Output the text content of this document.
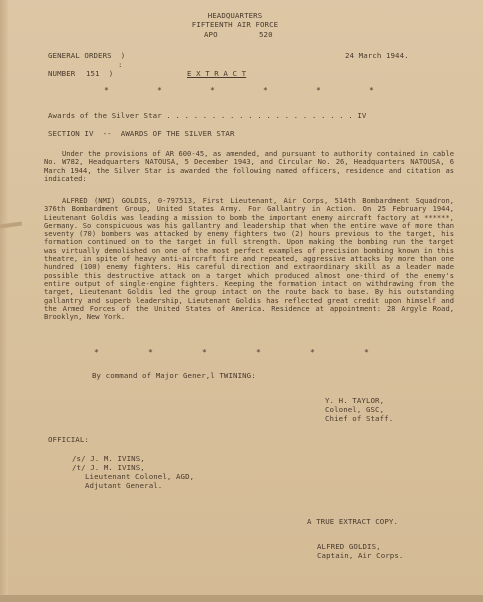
HEADQUARTERS
FIFTEENTH AIR FORCE
APO	520
GENERAL ORDERS  )
:
NUMBER 151  )	E X T R A C T
24 March 1944.
*	*	*	*	*	*
Awards of the Silver Star . . . . . . . . . . . . . . . . . . . . . IV
SECTION IV  --  AWARDS OF THE SILVER STAR
Under the provisions of AR 600-45, as amended, and pursuant to authority contained in cable No. W782, Headquarters NATOUSA, 5 December 1943, and Circular No. 26, Headquarters NATOUSA, 6 March 1944, the Silver Star is awarded the following named officers, residence and citation as indicated:
ALFRED (NMI) GOLDIS, 0-797513, First Lieutenant, Air Corps, 514th Bombardment Squadron, 376th Bombardment Group, United States Army. For Gallantry in Action. On 25 February 1944, Lieutenant Goldis was leading a mission to bomb the important enemy aircraft factory at ******, Germany. So conspicuous was his gallantry and leadership that when the entire wave of more than seventy (70) bombers was attacked by enemy fighters two (2) hours previous to the target, his formation continued on to the target in full strength. Upon making the bombing run the target was virtually demolished on one of the most perfect examples of precision bombing known in this theatre, in spite of heavy anti-aircraft fire and repeated, aggressive attacks by more than one hundred (100) enemy fighters. His careful direction and extraordinary skill as a leader made possible this destructive attack on a target which produced almost one-third of the enemy's entire output of single-engine fighters. Keeping the formation intact on withdrawing from the target, Lieutenant Goldis led the group intact on the route back to base. By his outstanding gallantry and superb leadership, Lieutenant Goldis has reflected great credit upon himself and the Armed Forces of the United States of America. Residence at appointment: 28 Argyle Road, Brooklyn, New York.
*	*	*	*	*	*
By command of Major Gener,l TWINING:
Y. H. TAYLOR,
Colonel, GSC,
Chief of Staff.
OFFICIAL:
/s/ J. M. IVINS,
/t/ J. M. IVINS,
Lieutenant Colonel, AGD,
Adjutant General.
A TRUE EXTRACT COPY.
ALFRED GOLDIS,
Captain, Air Corps.
